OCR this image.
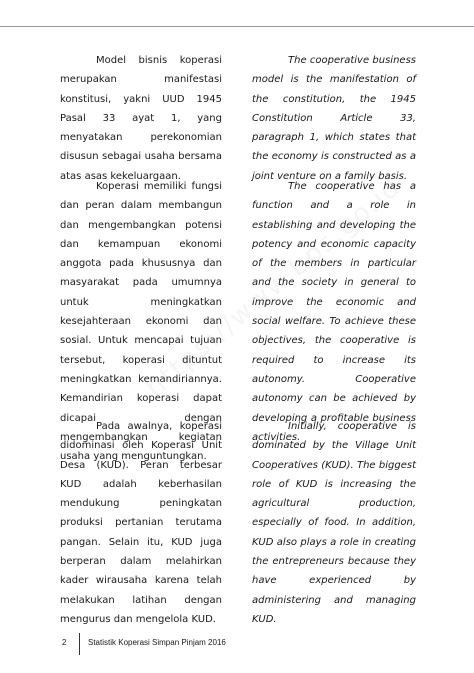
Model bisnis koperasi merupakan manifestasi konstitusi, yakni UUD 1945 Pasal 33 ayat 1, yang menyatakan perekonomian disusun sebagai usaha bersama atas asas kekeluargaan.

The cooperative business model is the manifestation of the constitution, the 1945 Constitution Article 33, paragraph 1, which states that the economy is constructed as a joint venture on a family basis.

Koperasi memiliki fungsi dan peran dalam membangun dan mengembangkan potensi dan kemampuan ekonomi anggota pada khususnya dan masyarakat pada umumnya untuk meningkatkan kesejahteraan ekonomi dan sosial. Untuk mencapai tujuan tersebut, koperasi dituntut meningkatkan kemandiriannya. Kemandirian koperasi dapat dicapai dengan mengembangkan kegiatan usaha yang menguntungkan.

The cooperative has a function and a role in establishing and developing the potency and economic capacity of the members in particular and the society in general to improve the economic and social welfare. To achieve these objectives, the cooperative is required to increase its autonomy. Cooperative autonomy can be achieved by developing a profitable business activities.

Pada awalnya, koperasi didominasi oleh Koperasi Unit Desa (KUD). Peran terbesar KUD adalah keberhasilan mendukung peningkatan produksi pertanian terutama pangan. Selain itu, KUD juga berperan dalam melahirkan kader wirausaha karena telah melakukan latihan dengan mengurus dan mengelola KUD.

Initially, cooperative is dominated by the Village Unit Cooperatives (KUD). The biggest role of KUD is increasing the agricultural production, especially of food. In addition, KUD also plays a role in creating the entrepreneurs because they have experienced by administering and managing KUD.

2	Statistik Koperasi Simpan Pinjam 2016
